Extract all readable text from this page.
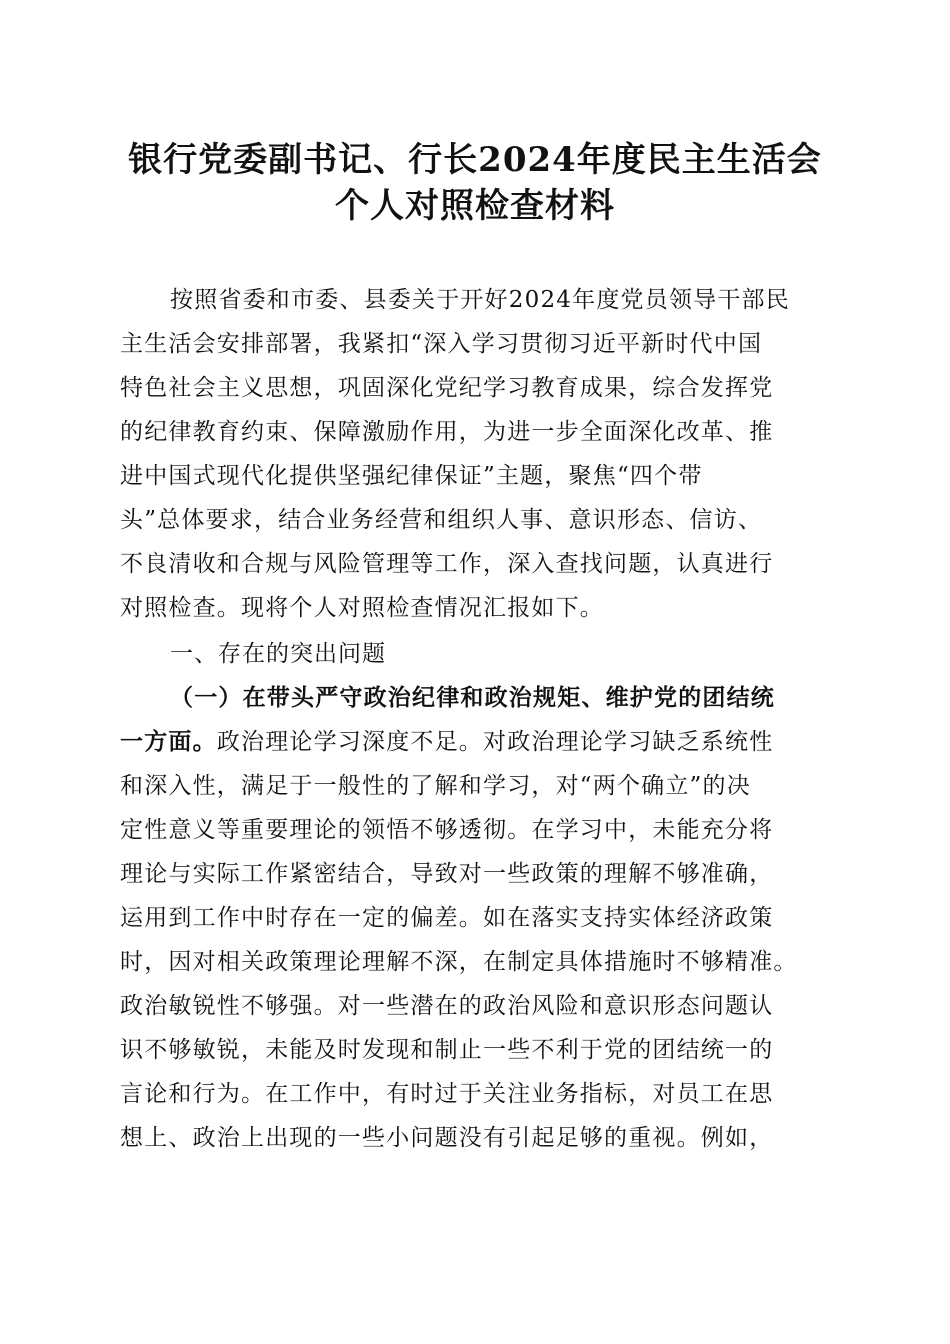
银行党委副书记、行长2024年度民主生活会
个人对照检查材料
按照省委和市委、县委关于开好2024年度党员领导干部民
主生活会安排部署，我紧扣“深入学习贯彻习近平新时代中国
特色社会主义思想，巩固深化党纪学习教育成果，综合发挥党
的纪律教育约束、保障激励作用，为进一步全面深化改革、推
进中国式现代化提供坚强纪律保证”主题，聚焦“四个带
头”总体要求，结合业务经营和组织人事、意识形态、信访、
不良清收和合规与风险管理等工作，深入查找问题，认真进行
对照检查。现将个人对照检查情况汇报如下。
一、存在的突出问题
（一）在带头严守政治纪律和政治规矩、维护党的团结统
一方面。政治理论学习深度不足。对政治理论学习缺乏系统性
和深入性，满足于一般性的了解和学习，对“两个确立”的决
定性意义等重要理论的领悟不够透彻。在学习中，未能充分将
理论与实际工作紧密结合，导致对一些政策的理解不够准确，
运用到工作中时存在一定的偏差。如在落实支持实体经济政策
时，因对相关政策理论理解不深，在制定具体措施时不够精准。
政治敏锐性不够强。对一些潜在的政治风险和意识形态问题认
识不够敏锐，未能及时发现和制止一些不利于党的团结统一的
言论和行为。在工作中，有时过于关注业务指标，对员工在思
想上、政治上出现的一些小问题没有引起足够的重视。例如，
